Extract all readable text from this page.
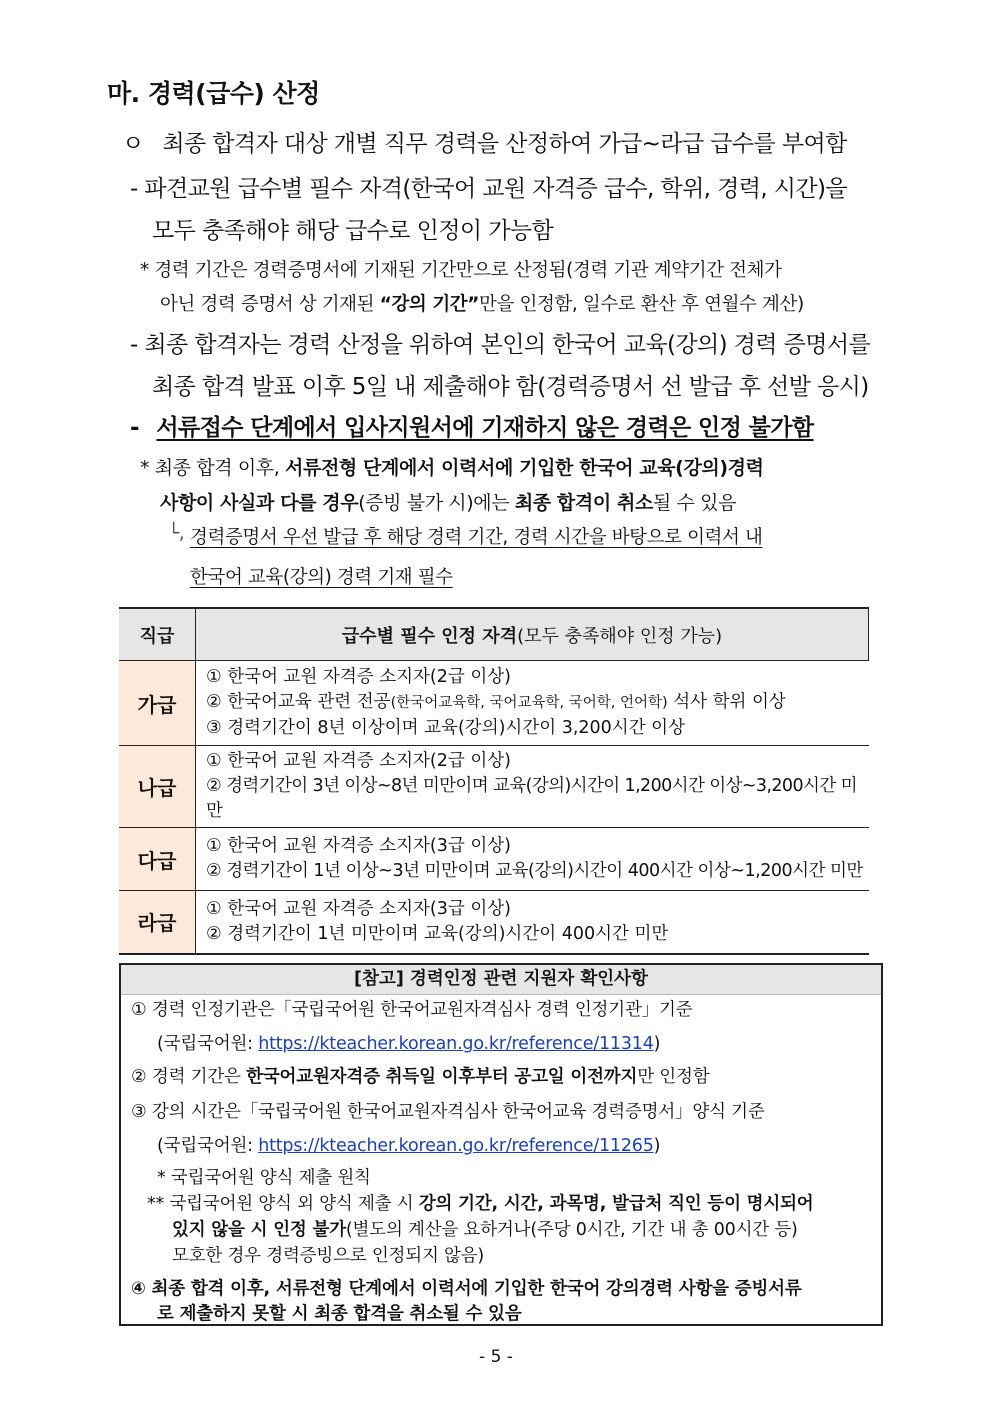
마. 경력(급수) 산정
ㅇ 최종 합격자 대상 개별 직무 경력을 산정하여 가급~라급 급수를 부여함
- 파견교원 급수별 필수 자격(한국어 교원 자격증 급수, 학위, 경력, 시간)을
모두 충족해야 해당 급수로 인정이 가능함
* 경력 기간은 경력증명서에 기재된 기간만으로 산정됨(경력 기관 계약기간 전체가
아닌 경력 증명서 상 기재된 “강의 기간”만을 인정함, 일수로 환산 후 연월수 계산)
- 최종 합격자는 경력 산정을 위하여 본인의 한국어 교육(강의) 경력 증명서를
최종 합격 발표 이후 5일 내 제출해야 함(경력증명서 선 발급 후 선발 응시)
- 서류접수 단계에서 입사지원서에 기재하지 않은 경력은 인정 불가함
* 최종 합격 이후, 서류전형 단계에서 이력서에 기입한 한국어 교육(강의)경력
사항이 사실과 다를 경우(증빙 불가 시)에는 최종 합격이 취소될 수 있음
└, 경력증명서 우선 발급 후 해당 경력 기간, 경력 시간을 바탕으로 이력서 내
한국어 교육(강의) 경력 기재 필수
직급	급수별 필수 인정 자격(모두 충족해야 인정 가능)
가급	① 한국어 교원 자격증 소지자(2급 이상)
② 한국어교육 관련 전공(한국어교육학, 국어교육학, 국어학, 언어학) 석사 학위 이상
③ 경력기간이 8년 이상이며 교육(강의)시간이 3,200시간 이상

나급	① 한국어 교원 자격증 소지자(2급 이상)
② 경력기간이 3년 이상~8년 미만이며 교육(강의)시간이 1,200시간 이상~3,200시간 미만

다급	① 한국어 교원 자격증 소지자(3급 이상)
② 경력기간이 1년 이상~3년 미만이며 교육(강의)시간이 400시간 이상~1,200시간 미만

라급	① 한국어 교원 자격증 소지자(3급 이상)
② 경력기간이 1년 미만이며 교육(강의)시간이 400시간 미만
[참고] 경력인정 관련 지원자 확인사항
① 경력 인정기관은「국립국어원 한국어교원자격심사 경력 인정기관」기준
(국립국어원: https://kteacher.korean.go.kr/reference/11314)
② 경력 기간은 한국어교원자격증 취득일 이후부터 공고일 이전까지만 인정함
③ 강의 시간은「국립국어원 한국어교원자격심사 한국어교육 경력증명서」양식 기준
(국립국어원: https://kteacher.korean.go.kr/reference/11265)
* 국립국어원 양식 제출 원칙
** 국립국어원 양식 외 양식 제출 시 강의 기간, 시간, 과목명, 발급처 직인 등이 명시되어
있지 않을 시 인정 불가(별도의 계산을 요하거나(주당 0시간, 기간 내 총 00시간 등)
모호한 경우 경력증빙으로 인정되지 않음)
④ 최종 합격 이후, 서류전형 단계에서 이력서에 기입한 한국어 강의경력 사항을 증빙서류
로 제출하지 못할 시 최종 합격을 취소될 수 있음
- 5 -
